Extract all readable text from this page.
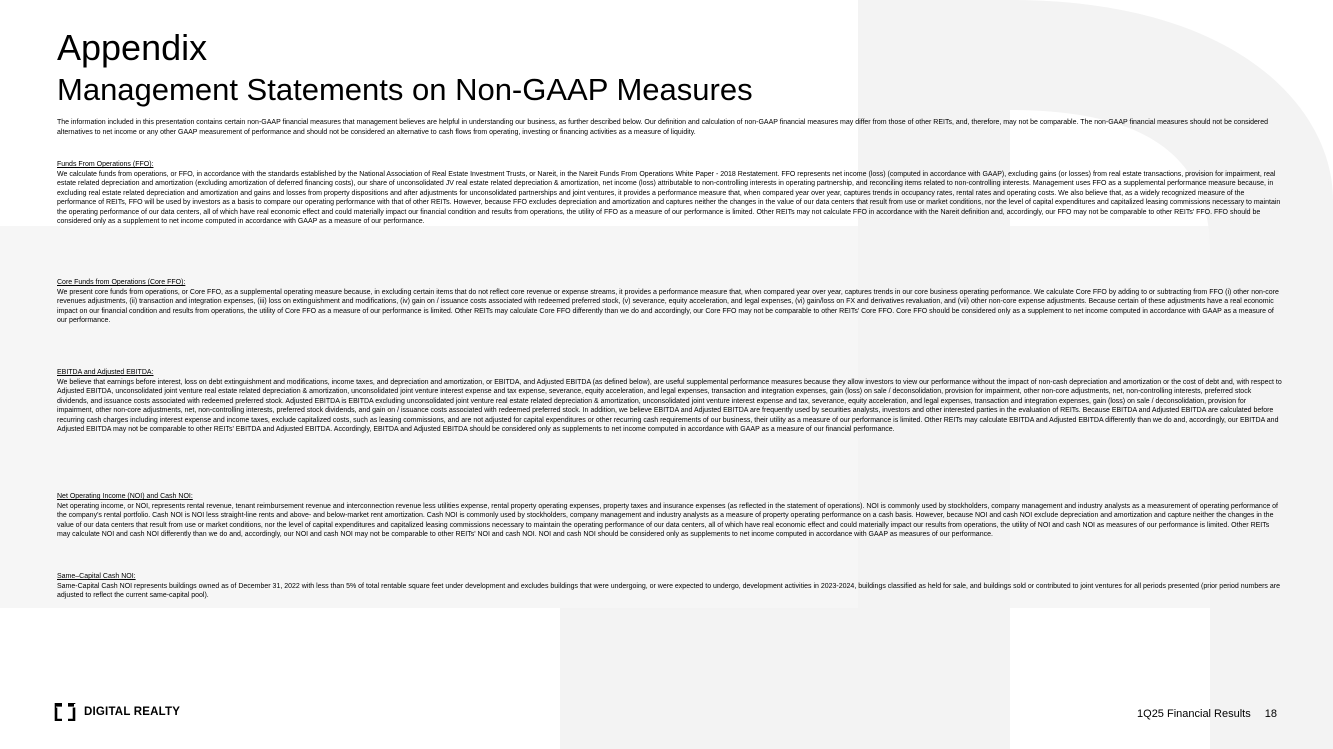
Appendix
Management Statements on Non-GAAP Measures

The information included in this presentation contains certain non-GAAP financial measures that management believes are helpful in understanding our business, as further described below. Our definition and calculation of non-GAAP financial measures may differ from those of other REITs, and, therefore, may not be comparable. The non-GAAP financial measures should not be considered alternatives to net income or any other GAAP measurement of performance and should not be considered an alternative to cash flows from operating, investing or financing activities as a measure of liquidity.

Funds From Operations (FFO):

We calculate funds from operations, or FFO, in accordance with the standards established by the National Association of Real Estate Investment Trusts, or Nareit, in the Nareit Funds From Operations White Paper - 2018 Restatement. FFO represents net income (loss) (computed in accordance with GAAP), excluding gains (or losses) from real estate transactions, provision for impairment, real estate related depreciation and amortization (excluding amortization of deferred financing costs), our share of unconsolidated JV real estate related depreciation & amortization, net income (loss) attributable to non-controlling interests in operating partnership, and reconciling items related to non-controlling interests. Management uses FFO as a supplemental performance measure because, in excluding real estate related depreciation and amortization and gains and losses from property dispositions and after adjustments for unconsolidated partnerships and joint ventures, it provides a performance measure that, when compared year over year, captures trends in occupancy rates, rental rates and operating costs. We also believe that, as a widely recognized measure of the performance of REITs, FFO will be used by investors as a basis to compare our operating performance with that of other REITs. However, because FFO excludes depreciation and amortization and captures neither the changes in the value of our data centers that result from use or market conditions, nor the level of capital expenditures and capitalized leasing commissions necessary to maintain the operating performance of our data centers, all of which have real economic effect and could materially impact our financial condition and results from operations, the utility of FFO as a measure of our performance is limited. Other REITs may not calculate FFO in accordance with the Nareit definition and, accordingly, our FFO may not be comparable to other REITs' FFO. FFO should be considered only as a supplement to net income computed in accordance with GAAP as a measure of our performance.

Core Funds from Operations (Core FFO):

We present core funds from operations, or Core FFO, as a supplemental operating measure because, in excluding certain items that do not reflect core revenue or expense streams, it provides a performance measure that, when compared year over year, captures trends in our core business operating performance. We calculate Core FFO by adding to or subtracting from FFO (i) other non-core revenues adjustments, (ii) transaction and integration expenses, (iii) loss on extinguishment and modifications, (iv) gain on / issuance costs associated with redeemed preferred stock, (v) severance, equity acceleration, and legal expenses, (vi) gain/loss on FX and derivatives revaluation, and (vii) other non-core expense adjustments. Because certain of these adjustments have a real economic impact on our financial condition and results from operations, the utility of Core FFO as a measure of our performance is limited. Other REITs may calculate Core FFO differently than we do and accordingly, our Core FFO may not be comparable to other REITs' Core FFO. Core FFO should be considered only as a supplement to net income computed in accordance with GAAP as a measure of our performance.

EBITDA and Adjusted EBITDA:

We believe that earnings before interest, loss on debt extinguishment and modifications, income taxes, and depreciation and amortization, or EBITDA, and Adjusted EBITDA (as defined below), are useful supplemental performance measures because they allow investors to view our performance without the impact of non-cash depreciation and amortization or the cost of debt and, with respect to Adjusted EBITDA, unconsolidated joint venture real estate related depreciation & amortization, unconsolidated joint venture interest expense and tax expense, severance, equity acceleration, and legal expenses, transaction and integration expenses, gain (loss) on sale / deconsolidation, provision for impairment, other non-core adjustments, net, non-controlling interests, preferred stock dividends, and issuance costs associated with redeemed preferred stock. Adjusted EBITDA is EBITDA excluding unconsolidated joint venture real estate related depreciation & amortization, unconsolidated joint venture interest expense and tax, severance, equity acceleration, and legal expenses, transaction and integration expenses, gain (loss) on sale / deconsolidation, provision for impairment, other non-core adjustments, net, non-controlling interests, preferred stock dividends, and gain on / issuance costs associated with redeemed preferred stock. In addition, we believe EBITDA and Adjusted EBITDA are frequently used by securities analysts, investors and other interested parties in the evaluation of REITs. Because EBITDA and Adjusted EBITDA are calculated before recurring cash charges including interest expense and income taxes, exclude capitalized costs, such as leasing commissions, and are not adjusted for capital expenditures or other recurring cash requirements of our business, their utility as a measure of our performance is limited. Other REITs may calculate EBITDA and Adjusted EBITDA differently than we do and, accordingly, our EBITDA and Adjusted EBITDA may not be comparable to other REITs' EBITDA and Adjusted EBITDA. Accordingly, EBITDA and Adjusted EBITDA should be considered only as supplements to net income computed in accordance with GAAP as a measure of our financial performance.

Net Operating Income (NOI) and Cash NOI:

Net operating income, or NOI, represents rental revenue, tenant reimbursement revenue and interconnection revenue less utilities expense, rental property operating expenses, property taxes and insurance expenses (as reflected in the statement of operations). NOI is commonly used by stockholders, company management and industry analysts as a measurement of operating performance of the company's rental portfolio. Cash NOI is NOI less straight-line rents and above- and below-market rent amortization. Cash NOI is commonly used by stockholders, company management and industry analysts as a measure of property operating performance on a cash basis. However, because NOI and cash NOI exclude depreciation and amortization and capture neither the changes in the value of our data centers that result from use or market conditions, nor the level of capital expenditures and capitalized leasing commissions necessary to maintain the operating performance of our data centers, all of which have real economic effect and could materially impact our results from operations, the utility of NOI and cash NOI as measures of our performance is limited. Other REITs may calculate NOI and cash NOI differently than we do and, accordingly, our NOI and cash NOI may not be comparable to other REITs' NOI and cash NOI. NOI and cash NOI should be considered only as supplements to net income computed in accordance with GAAP as measures of our performance.

Same–Capital Cash NOI:

Same-Capital Cash NOI represents buildings owned as of December 31, 2022 with less than 5% of total rentable square feet under development and excludes buildings that were undergoing, or were expected to undergo, development activities in 2023-2024, buildings classified as held for sale, and buildings sold or contributed to joint ventures for all periods presented (prior period numbers are adjusted to reflect the current same-capital pool).

DIGITAL REALTY	1Q25 Financial Results 18
